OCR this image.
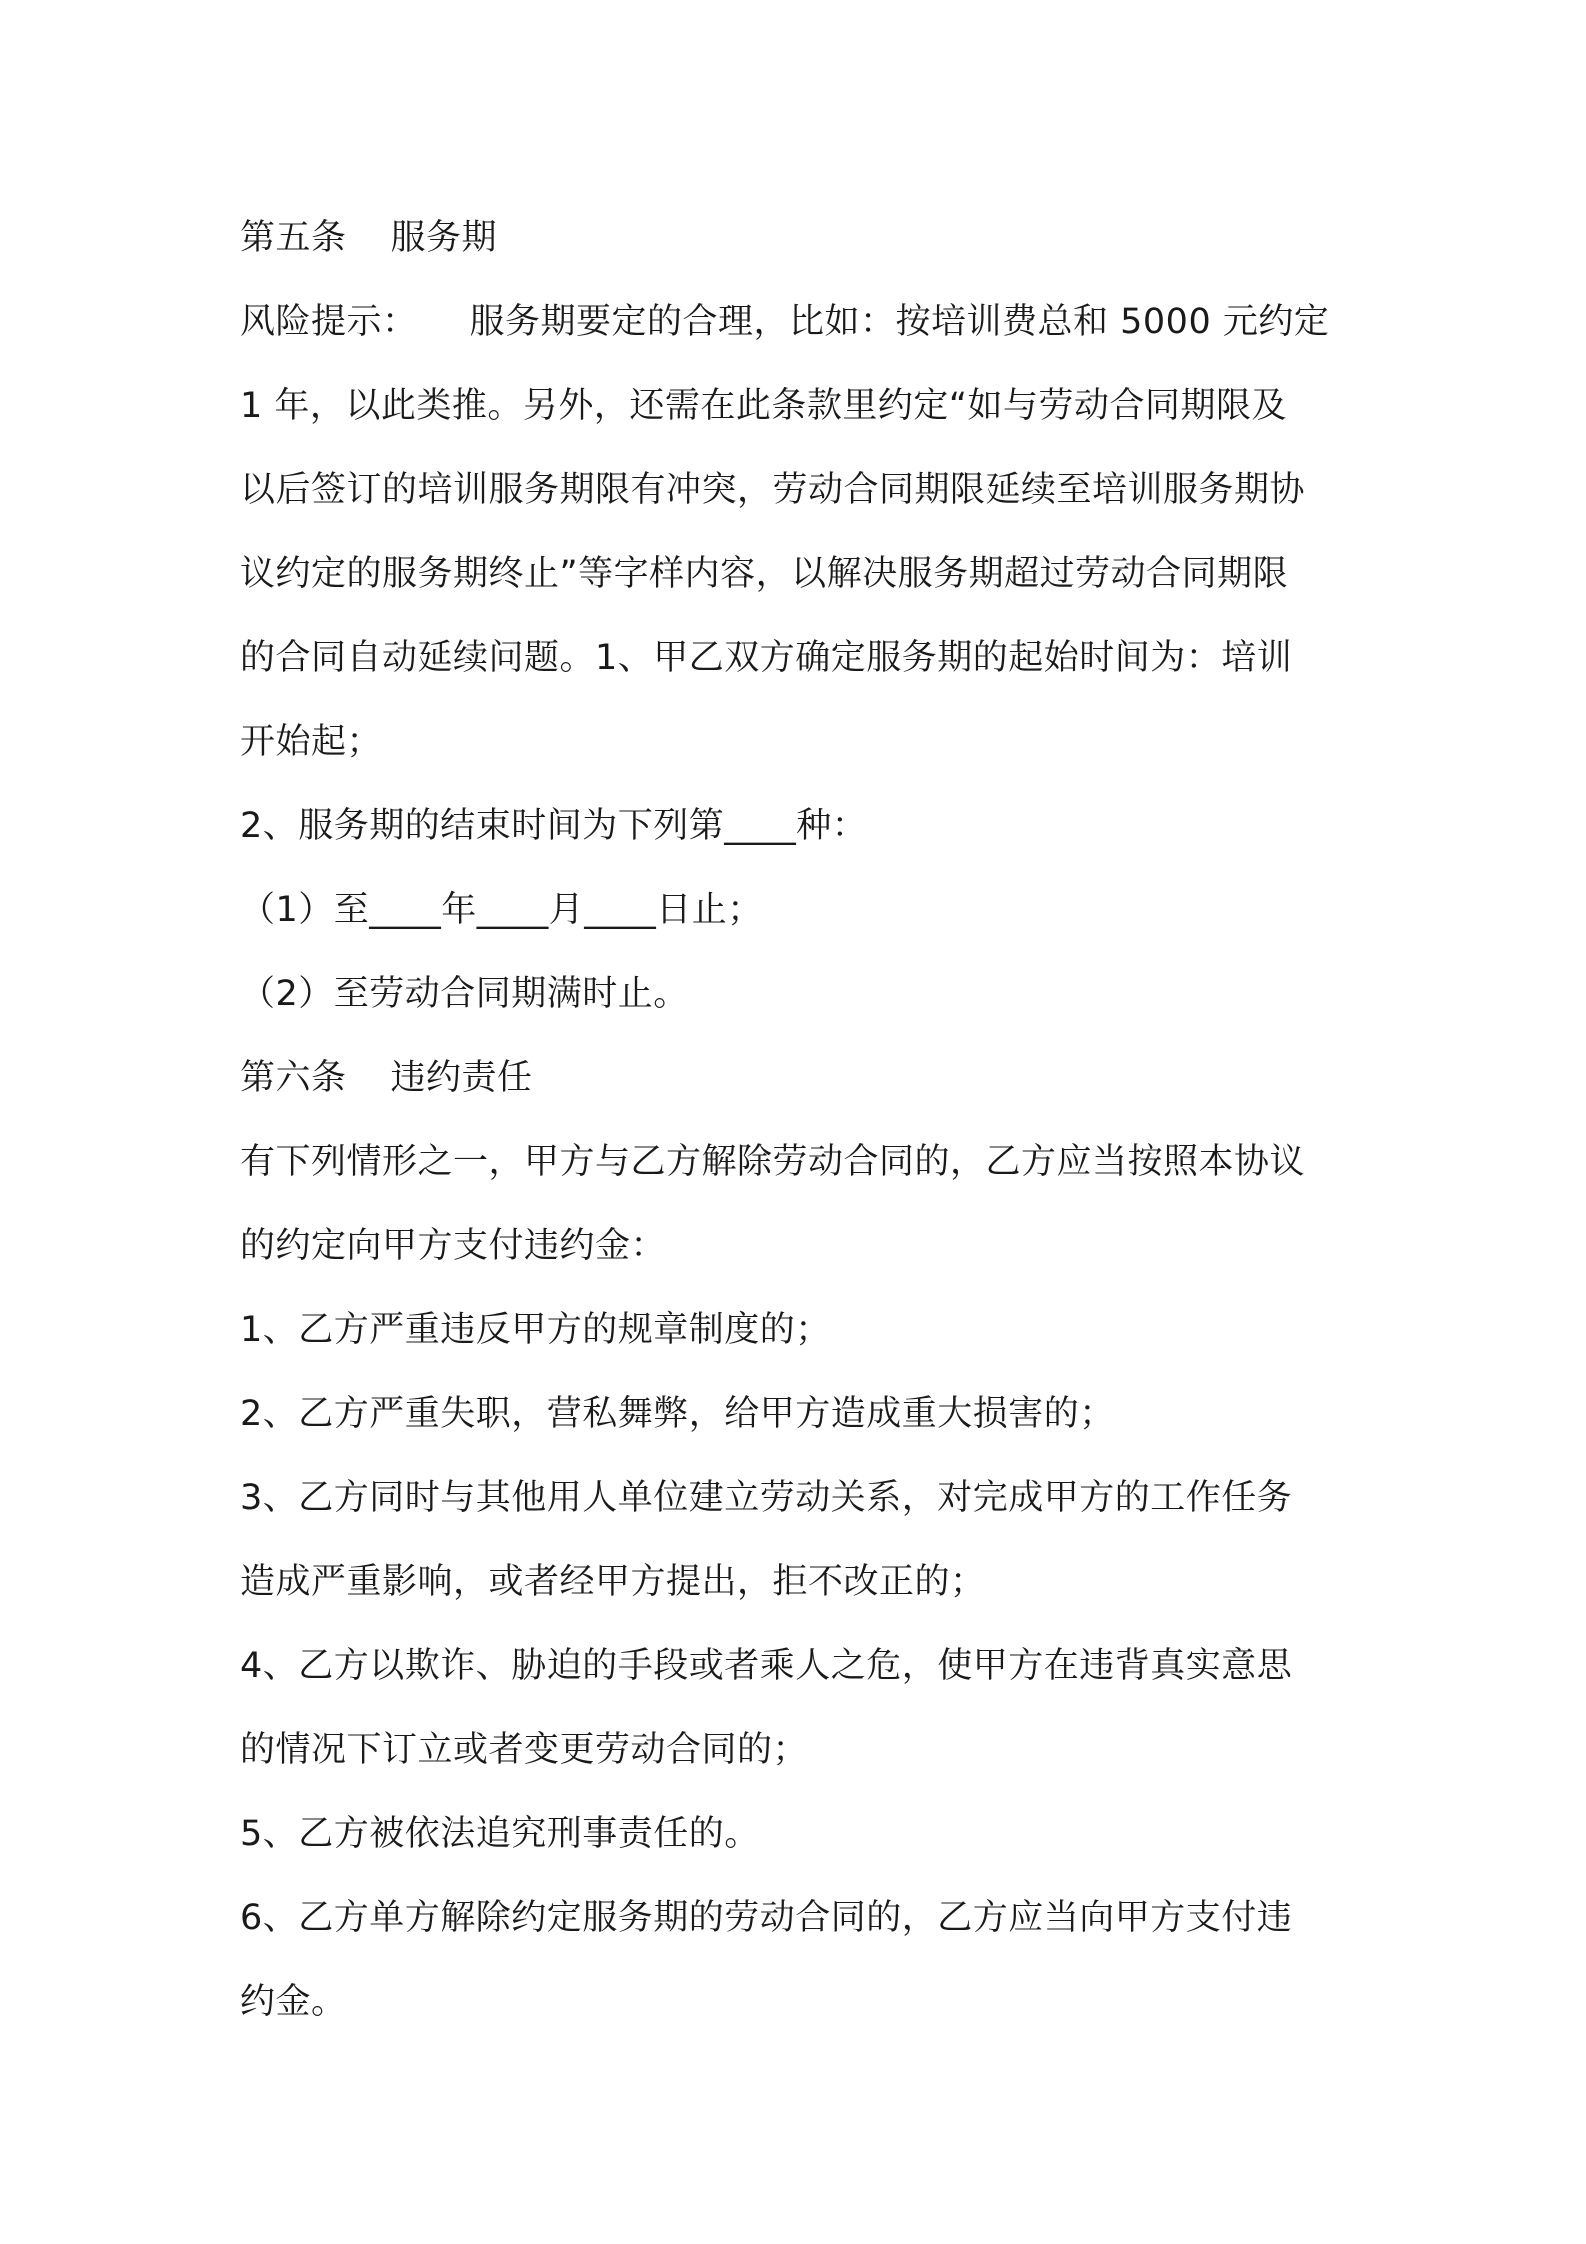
第五条 服务期
风险提示： 服务期要定的合理，比如：按培训费总和 5000 元约定
1 年，以此类推。另外，还需在此条款里约定“如与劳动合同期限及
以后签订的培训服务期限有冲突，劳动合同期限延续至培训服务期协
议约定的服务期终止”等字样内容，以解决服务期超过劳动合同期限
的合同自动延续问题。1、甲乙双方确定服务期的起始时间为：培训
开始起；
2、服务期的结束时间为下列第____种：
（1）至____年____月____日止；
（2）至劳动合同期满时止。
第六条 违约责任
有下列情形之一，甲方与乙方解除劳动合同的，乙方应当按照本协议
的约定向甲方支付违约金：
1、乙方严重违反甲方的规章制度的；
2、乙方严重失职，营私舞弊，给甲方造成重大损害的；
3、乙方同时与其他用人单位建立劳动关系，对完成甲方的工作任务
造成严重影响，或者经甲方提出，拒不改正的；
4、乙方以欺诈、胁迫的手段或者乘人之危，使甲方在违背真实意思
的情况下订立或者变更劳动合同的；
5、乙方被依法追究刑事责任的。
6、乙方单方解除约定服务期的劳动合同的，乙方应当向甲方支付违
约金。
